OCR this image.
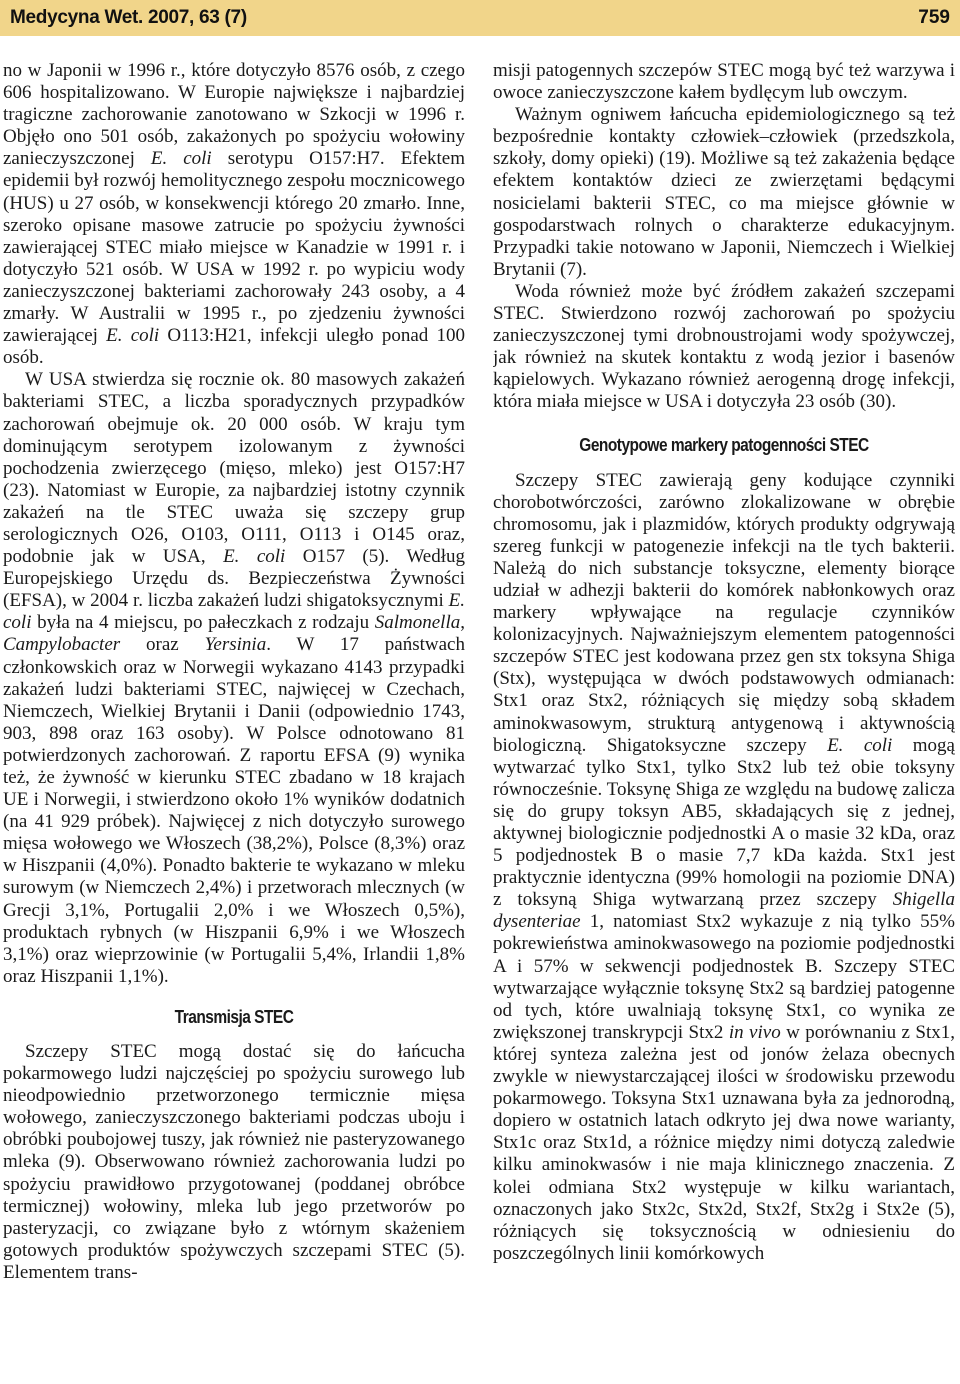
Medycyna Wet. 2007, 63 (7)	759

no w Japonii w 1996 r., które dotyczyło 8576 osób, z czego 606 hospitalizowano. W Europie największe i najbardziej tragiczne zachorowanie zanotowano w Szkocji w 1996 r. Objęło ono 501 osób, zakażonych po spożyciu wołowiny zanieczyszczonej E. coli serotypu O157:H7. Efektem epidemii był rozwój hemolitycznego zespołu mocznicowego (HUS) u 27 osób, w konsekwencji którego 20 zmarło. Inne, szeroko opisane masowe zatrucie po spożyciu żywności zawierającej STEC miało miejsce w Kanadzie w 1991 r. i dotyczyło 521 osób. W USA w 1992 r. po wypiciu wody zanieczyszczonej bakteriami zachorowały 243 osoby, a 4 zmarły. W Australii w 1995 r., po zjedzeniu żywności zawierającej E. coli O113:H21, infekcji uległo ponad 100 osób.

W USA stwierdza się rocznie ok. 80 masowych zakażeń bakteriami STEC, a liczba sporadycznych przypadków zachorowań obejmuje ok. 20 000 osób. W kraju tym dominującym serotypem izolowanym z żywności pochodzenia zwierzęcego (mięso, mleko) jest O157:H7 (23). Natomiast w Europie, za najbardziej istotny czynnik zakażeń na tle STEC uważa się szczepy grup serologicznych O26, O103, O111, O113 i O145 oraz, podobnie jak w USA, E. coli O157 (5). Według Europejskiego Urzędu ds. Bezpieczeństwa Żywności (EFSA), w 2004 r. liczba zakażeń ludzi shigatoksycznymi E. coli była na 4 miejscu, po pałeczkach z rodzaju Salmonella, Campylobacter oraz Yersinia. W 17 państwach członkowskich oraz w Norwegii wykazano 4143 przypadki zakażeń ludzi bakteriami STEC, najwięcej w Czechach, Niemczech, Wielkiej Brytanii i Danii (odpowiednio 1743, 903, 898 oraz 163 osoby). W Polsce odnotowano 81 potwierdzonych zachorowań. Z raportu EFSA (9) wynika też, że żywność w kierunku STEC zbadano w 18 krajach UE i Norwegii, i stwierdzono około 1% wyników dodatnich (na 41 929 próbek). Najwięcej z nich dotyczyło surowego mięsa wołowego we Włoszech (38,2%), Polsce (8,3%) oraz w Hiszpanii (4,0%). Ponadto bakterie te wykazano w mleku surowym (w Niemczech 2,4%) i przetworach mlecznych (w Grecji 3,1%, Portugalii 2,0% i we Włoszech 0,5%), produktach rybnych (w Hiszpanii 6,9% i we Włoszech 3,1%) oraz wieprzowinie (w Portugalii 5,4%, Irlandii 1,8% oraz Hiszpanii 1,1%).

Transmisja STEC

Szczepy STEC mogą dostać się do łańcucha pokarmowego ludzi najczęściej po spożyciu surowego lub nieodpowiednio przetworzonego termicznie mięsa wołowego, zanieczyszczonego bakteriami podczas uboju i obróbki poubojowej tuszy, jak również nie pasteryzowanego mleka (9). Obserwowano również zachorowania ludzi po spożyciu prawidłowo przygotowanej (poddanej obróbce termicznej) wołowiny, mleka lub jego przetworów po pasteryzacji, co związane było z wtórnym skażeniem gotowych produktów spożywczych szczepami STEC (5). Elementem trans-

misji patogennych szczepów STEC mogą być też warzywa i owoce zanieczyszczone kałem bydlęcym lub owczym.

Ważnym ogniwem łańcucha epidemiologicznego są też bezpośrednie kontakty człowiek–człowiek (przedszkola, szkoły, domy opieki) (19). Możliwe są też zakażenia będące efektem kontaktów dzieci ze zwierzętami będącymi nosicielami bakterii STEC, co ma miejsce głównie w gospodarstwach rolnych o charakterze edukacyjnym. Przypadki takie notowano w Japonii, Niemczech i Wielkiej Brytanii (7).

Woda również może być źródłem zakażeń szczepami STEC. Stwierdzono rozwój zachorowań po spożyciu zanieczyszczonej tymi drobnoustrojami wody spożywczej, jak również na skutek kontaktu z wodą jezior i basenów kąpielowych. Wykazano również aerogenną drogę infekcji, która miała miejsce w USA i dotyczyła 23 osób (30).

Genotypowe markery patogenności STEC

Szczepy STEC zawierają geny kodujące czynniki chorobotwórczości, zarówno zlokalizowane w obrębie chromosomu, jak i plazmidów, których produkty odgrywają szereg funkcji w patogenezie infekcji na tle tych bakterii. Należą do nich substancje toksyczne, elementy biorące udział w adhezji bakterii do komórek nabłonkowych oraz markery wpływające na regulacje czynników kolonizacyjnych. Najważniejszym elementem patogenności szczepów STEC jest kodowana przez gen stx toksyna Shiga (Stx), występująca w dwóch podstawowych odmianach: Stx1 oraz Stx2, różniących się między sobą składem aminokwasowym, strukturą antygenową i aktywnością biologiczną. Shigatoksyczne szczepy E. coli mogą wytwarzać tylko Stx1, tylko Stx2 lub też obie toksyny równocześnie. Toksynę Shiga ze względu na budowę zalicza się do grupy toksyn AB5, składających się z jednej, aktywnej biologicznie podjednostki A o masie 32 kDa, oraz 5 podjednostek B o masie 7,7 kDa każda. Stx1 jest praktycznie identyczna (99% homologii na poziomie DNA) z toksyną Shiga wytwarzaną przez szczepy Shigella dysenteriae 1, natomiast Stx2 wykazuje z nią tylko 55% pokrewieństwa aminokwasowego na poziomie podjednostki A i 57% w sekwencji podjednostek B. Szczepy STEC wytwarzające wyłącznie toksynę Stx2 są bardziej patogenne od tych, które uwalniają toksynę Stx1, co wynika ze zwiększonej transkrypcji Stx2 in vivo w porównaniu z Stx1, której synteza zależna jest od jonów żelaza obecnych zwykle w niewystarczającej ilości w środowisku przewodu pokarmowego. Toksyna Stx1 uznawana była za jednorodną, dopiero w ostatnich latach odkryto jej dwa nowe warianty, Stx1c oraz Stx1d, a różnice między nimi dotyczą zaledwie kilku aminokwasów i nie maja klinicznego znaczenia. Z kolei odmiana Stx2 występuje w kilku wariantach, oznaczonych jako Stx2c, Stx2d, Stx2f, Stx2g i Stx2e (5), różniących się toksycznością w odniesieniu do poszczególnych linii komórkowych
